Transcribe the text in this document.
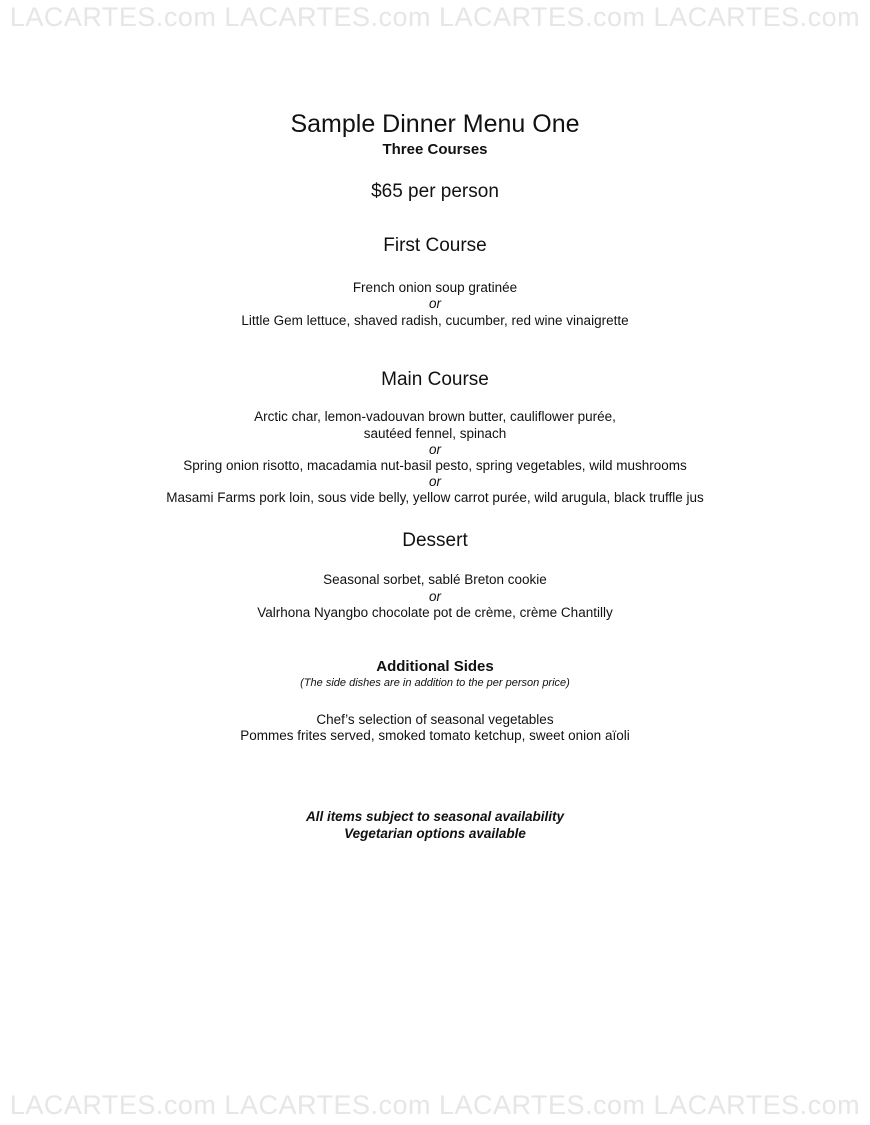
LACARTES.com LACARTES.com LACARTES.com LACARTES.com
Sample Dinner Menu One
Three Courses
$65 per person
First Course
French onion soup gratinée
or
Little Gem lettuce, shaved radish, cucumber, red wine vinaigrette
Main Course
Arctic char, lemon-vadouvan brown butter, cauliflower purée,
sautéed fennel, spinach
or
Spring onion risotto, macadamia nut-basil pesto, spring vegetables, wild mushrooms
or
Masami Farms pork loin, sous vide belly, yellow carrot purée, wild arugula, black truffle jus
Dessert
Seasonal sorbet, sablé Breton cookie
or
Valrhona Nyangbo chocolate pot de crème, crème Chantilly
Additional Sides
(The side dishes are in addition to the per person price)
Chef’s selection of seasonal vegetables
Pommes frites served, smoked tomato ketchup, sweet onion aïoli
All items subject to seasonal availability
Vegetarian options available
LACARTES.com LACARTES.com LACARTES.com LACARTES.com
